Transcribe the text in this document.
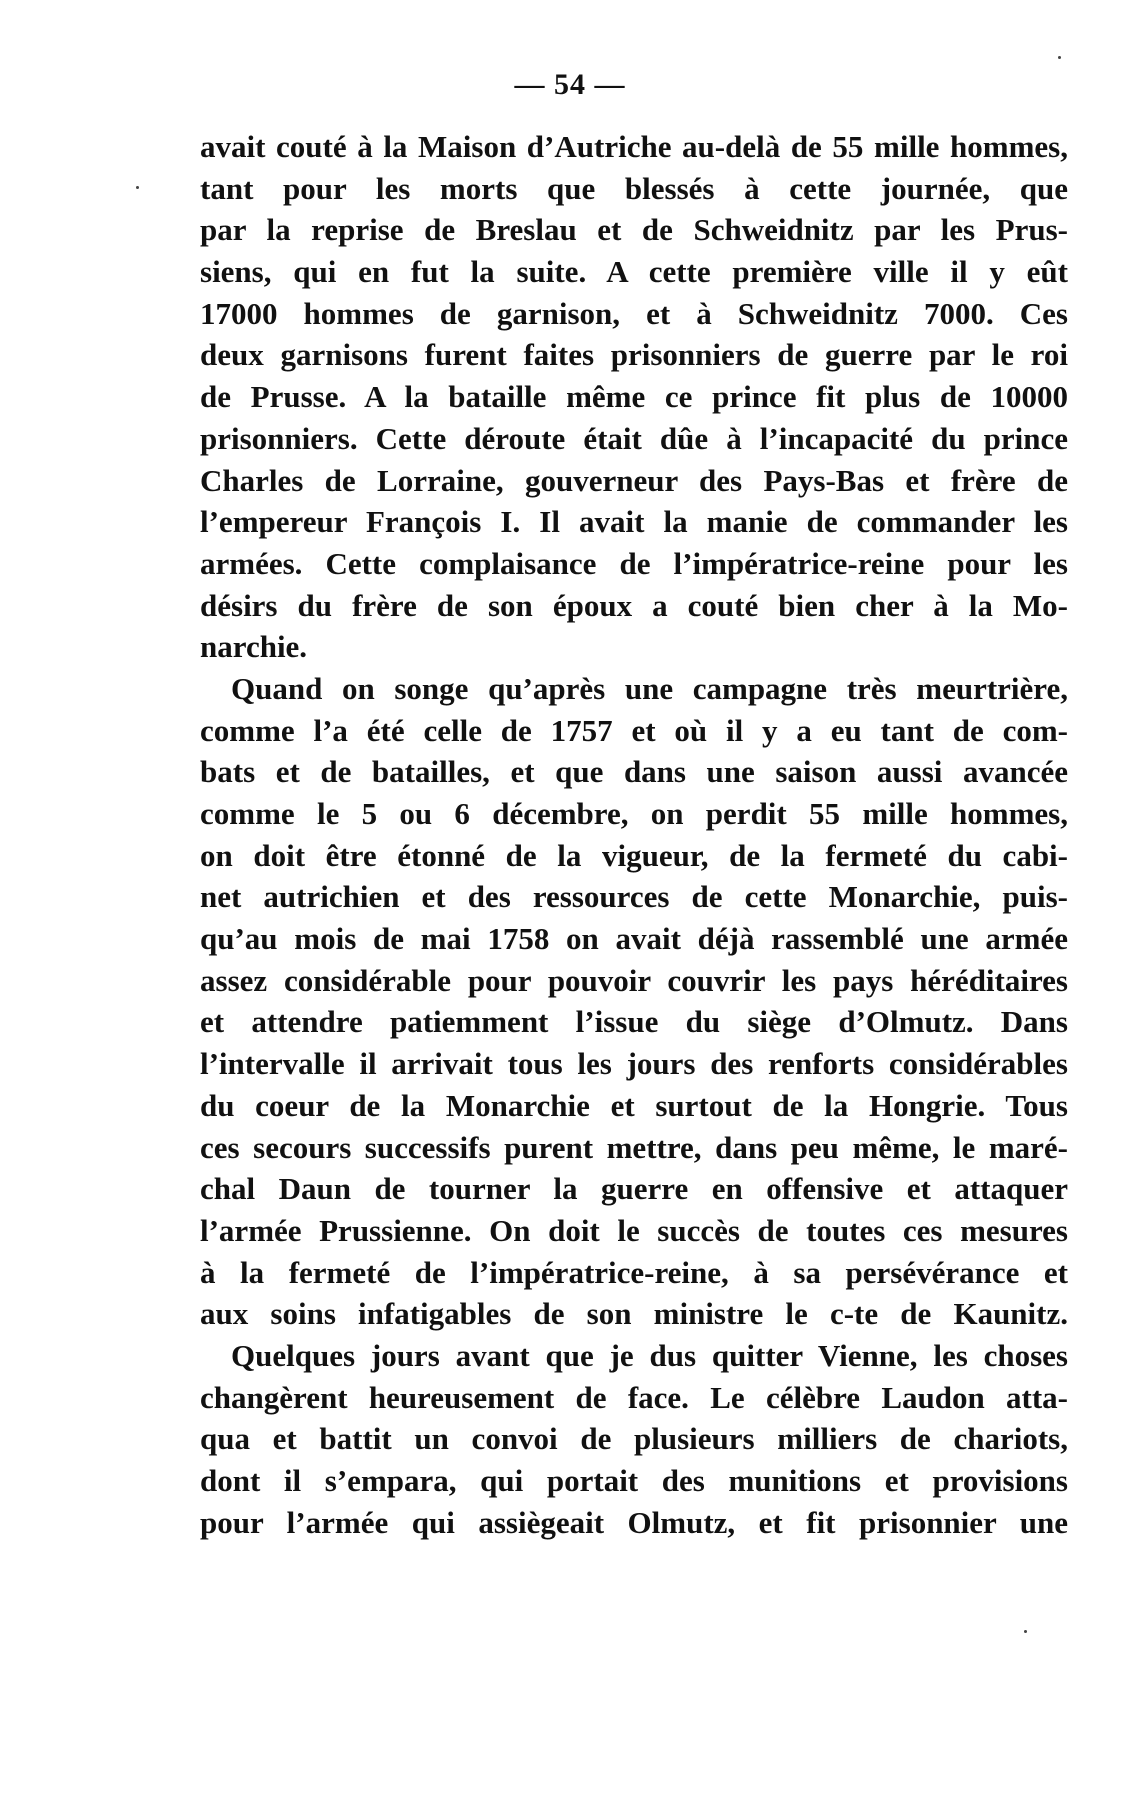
— 54 —
avait couté à la Maison d’Autriche au-delà de 55 mille hommes,
tant pour les morts que blessés à cette journée, que
par la reprise de Breslau et de Schweidnitz par les Prus-
siens, qui en fut la suite. A cette première ville il y eût
17000 hommes de garnison, et à Schweidnitz 7000. Ces
deux garnisons furent faites prisonniers de guerre par le roi
de Prusse. A la bataille même ce prince fit plus de 10000
prisonniers. Cette déroute était dûe à l’incapacité du prince
Charles de Lorraine, gouverneur des Pays-Bas et frère de
l’empereur François I. Il avait la manie de commander les
armées. Cette complaisance de l’impératrice-reine pour les
désirs du frère de son époux a couté bien cher à la Mo-
narchie.
Quand on songe qu’après une campagne très meurtrière,
comme l’a été celle de 1757 et où il y a eu tant de com-
bats et de batailles, et que dans une saison aussi avancée
comme le 5 ou 6 décembre, on perdit 55 mille hommes,
on doit être étonné de la vigueur, de la fermeté du cabi-
net autrichien et des ressources de cette Monarchie, puis-
qu’au mois de mai 1758 on avait déjà rassemblé une armée
assez considérable pour pouvoir couvrir les pays héréditaires
et attendre patiemment l’issue du siège d’Olmutz. Dans
l’intervalle il arrivait tous les jours des renforts considérables
du coeur de la Monarchie et surtout de la Hongrie. Tous
ces secours successifs purent mettre, dans peu même, le maré-
chal Daun de tourner la guerre en offensive et attaquer
l’armée Prussienne. On doit le succès de toutes ces mesures
à la fermeté de l’impératrice-reine, à sa persévérance et
aux soins infatigables de son ministre le c-te de Kaunitz.
Quelques jours avant que je dus quitter Vienne, les choses
changèrent heureusement de face. Le célèbre Laudon atta-
qua et battit un convoi de plusieurs milliers de chariots,
dont il s’empara, qui portait des munitions et provisions
pour l’armée qui assiègeait Olmutz, et fit prisonnier une
